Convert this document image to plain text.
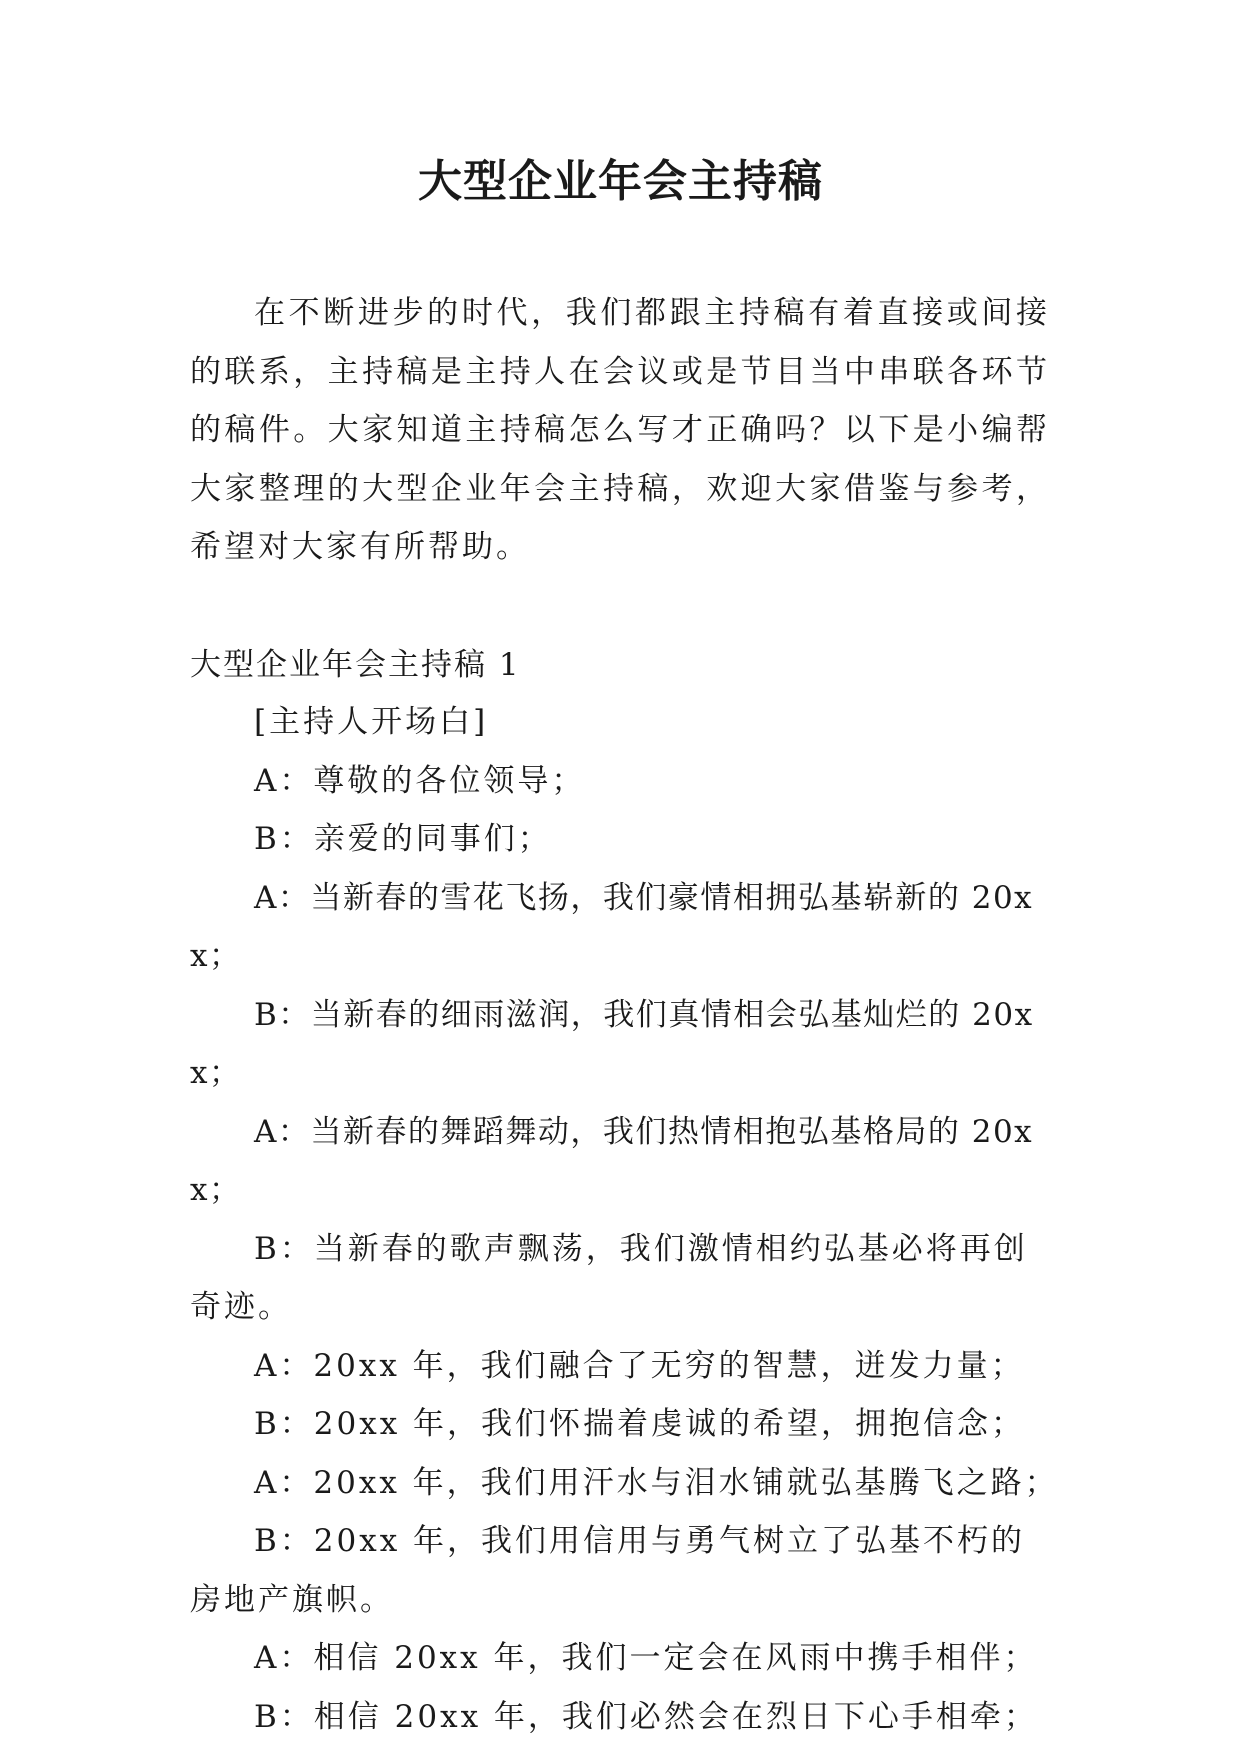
大型企业年会主持稿

在不断进步的时代，我们都跟主持稿有着直接或间接的联系，主持稿是主持人在会议或是节目当中串联各环节的稿件。大家知道主持稿怎么写才正确吗？以下是小编帮大家整理的大型企业年会主持稿，欢迎大家借鉴与参考，希望对大家有所帮助。

大型企业年会主持稿 1

[主持人开场白]

A：尊敬的各位领导；

B：亲爱的同事们；

A：当新春的雪花飞扬，我们豪情相拥弘基崭新的 20xx；

B：当新春的细雨滋润，我们真情相会弘基灿烂的 20xx；

A：当新春的舞蹈舞动，我们热情相抱弘基格局的 20xx；

B：当新春的歌声飘荡，我们激情相约弘基必将再创奇迹。

A：20xx 年，我们融合了无穷的智慧，迸发力量；

B：20xx 年，我们怀揣着虔诚的希望，拥抱信念；

A：20xx 年，我们用汗水与泪水铺就弘基腾飞之路；

B：20xx 年，我们用信用与勇气树立了弘基不朽的房地产旗帜。

A：相信 20xx 年，我们一定会在风雨中携手相伴；

B：相信 20xx 年，我们必然会在烈日下心手相牵；
